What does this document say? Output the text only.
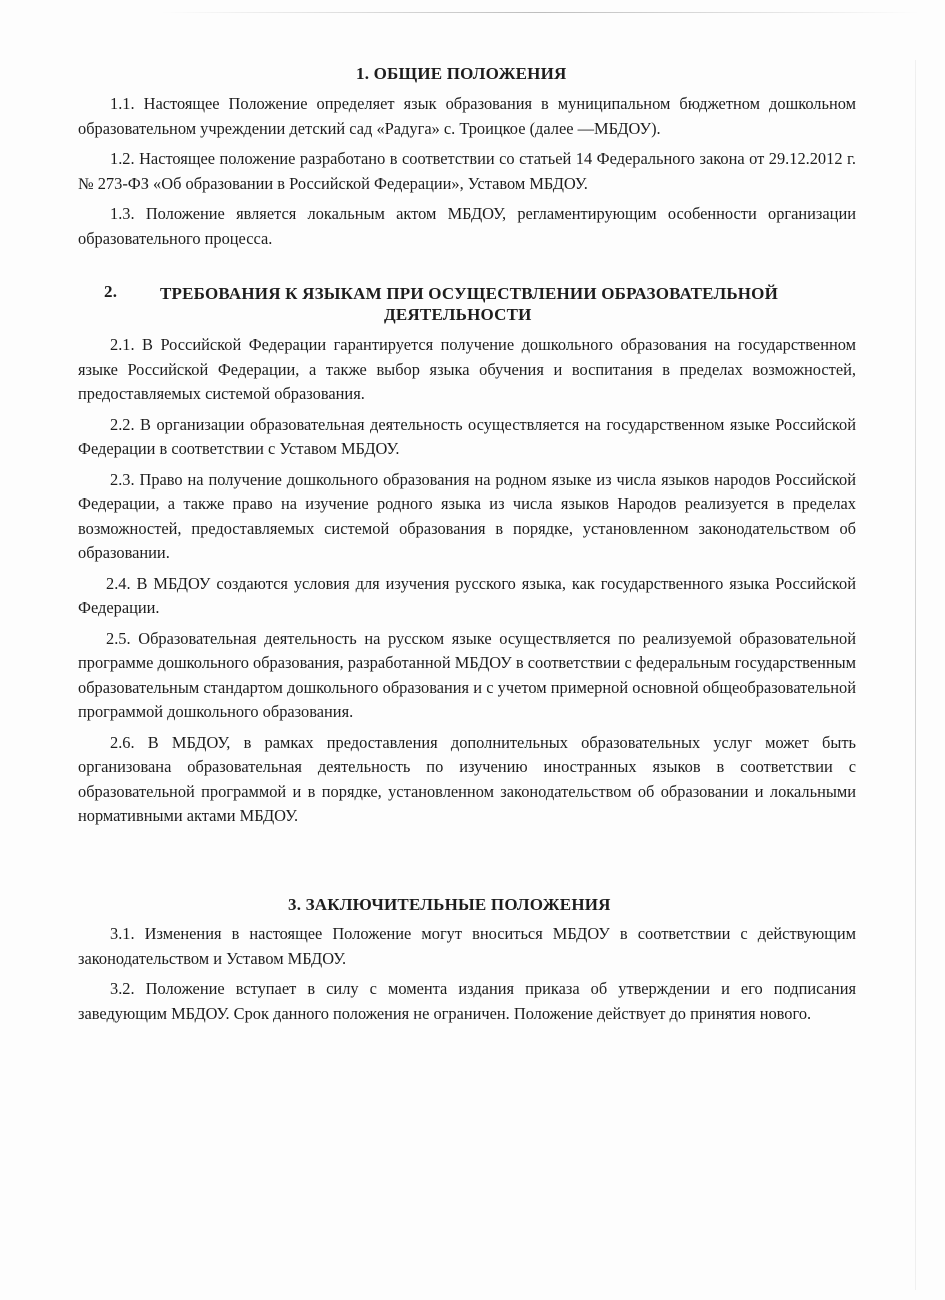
1. ОБЩИЕ ПОЛОЖЕНИЯ

1.1. Настоящее Положение определяет язык образования в муниципальном бюджетном дошкольном образовательном учреждении детский сад «Радуга» с. Троицкое (далее —МБДОУ).

1.2. Настоящее положение разработано в соответствии со статьей 14 Федерального закона от 29.12.2012 г. № 273-ФЗ «Об образовании в Российской Федерации», Уставом МБДОУ.

1.3. Положение является локальным актом МБДОУ, регламентирующим особенности организации образовательного процесса.

2.	ТРЕБОВАНИЯ К ЯЗЫКАМ ПРИ ОСУЩЕСТВЛЕНИИ ОБРАЗОВАТЕЛЬНОЙ
ДЕЯТЕЛЬНОСТИ

2.1. В Российской Федерации гарантируется получение дошкольного образования на государственном языке Российской Федерации, а также выбор языка обучения и воспитания в пределах возможностей, предоставляемых системой образования.

2.2. В организации образовательная деятельность осуществляется на государственном языке Российской Федерации в соответствии с Уставом МБДОУ.

2.3. Право на получение дошкольного образования на родном языке из числа языков народов Российской Федерации, а также право на изучение родного языка из числа языков Народов реализуется в пределах возможностей, предоставляемых системой образования в порядке, установленном законодательством об образовании.

2.4. В МБДОУ создаются условия для изучения русского языка, как государственного языка Российской Федерации.

2.5. Образовательная деятельность на русском языке осуществляется по реализуемой образовательной программе дошкольного образования, разработанной МБДОУ в соответствии с федеральным государственным образовательным стандартом дошкольного образования и с учетом примерной основной общеобразовательной программой дошкольного образования.

2.6. В МБДОУ, в рамках предоставления дополнительных образовательных услуг может быть организована образовательная деятельность по изучению иностранных языков в соответствии с образовательной программой и в порядке, установленном законодательством об образовании и локальными нормативными актами МБДОУ.

3. ЗАКЛЮЧИТЕЛЬНЫЕ ПОЛОЖЕНИЯ

3.1. Изменения в настоящее Положение могут вноситься МБДОУ в соответствии с действующим законодательством и Уставом МБДОУ.

3.2. Положение вступает в силу с момента издания приказа об утверждении и его подписания заведующим МБДОУ. Срок данного положения не ограничен. Положение действует до принятия нового.
